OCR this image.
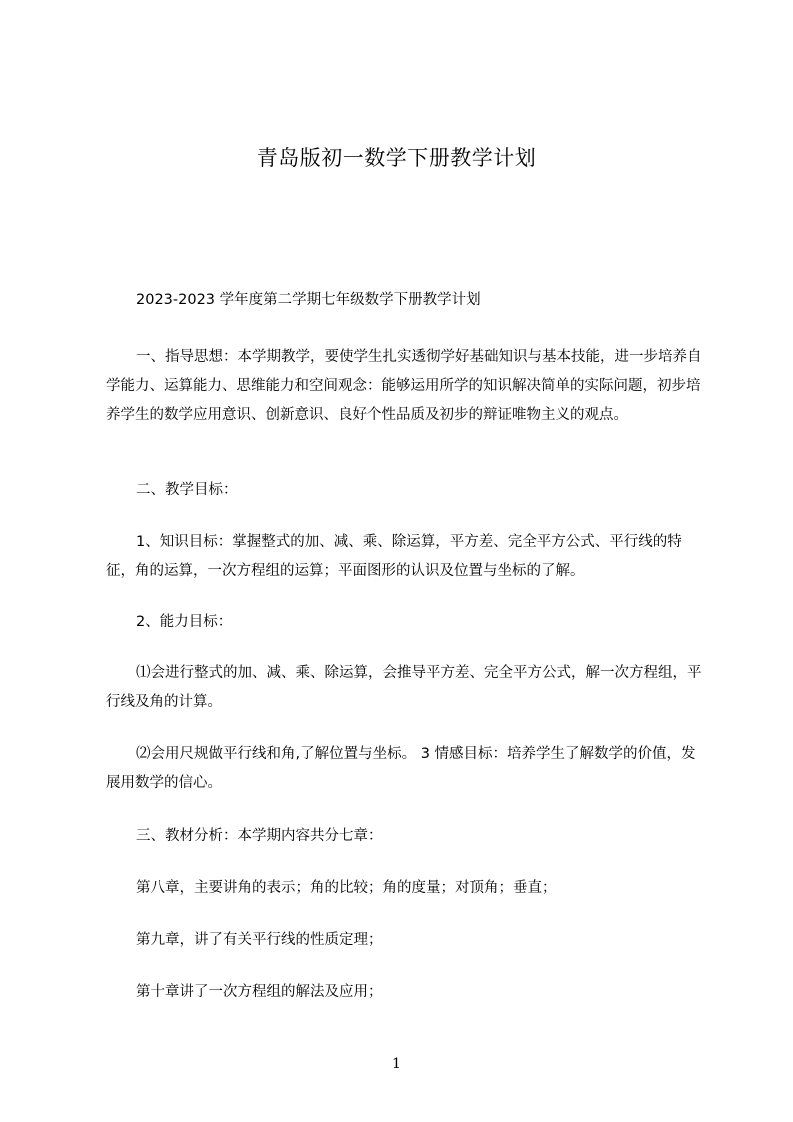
青岛版初一数学下册教学计划
2023-2023 学年度第二学期七年级数学下册教学计划
一、指导思想：本学期教学，要使学生扎实透彻学好基础知识与基本技能，进一步培养自学能力、运算能力、思维能力和空间观念：能够运用所学的知识解决简单的实际问题，初步培养学生的数学应用意识、创新意识、良好个性品质及初步的辩证唯物主义的观点。
二、教学目标：
1、知识目标：掌握整式的加、减、乘、除运算，平方差、完全平方公式、平行线的特征，角的运算，一次方程组的运算；平面图形的认识及位置与坐标的了解。
2、能力目标：
⑴会进行整式的加、减、乘、除运算，会推导平方差、完全平方公式，解一次方程组，平行线及角的计算。
⑵会用尺规做平行线和角,了解位置与坐标。 3 情感目标：培养学生了解数学的价值，发展用数学的信心。
三、教材分析：本学期内容共分七章：
第八章，主要讲角的表示；角的比较；角的度量；对顶角；垂直；
第九章，讲了有关平行线的性质定理；
第十章讲了一次方程组的解法及应用；
1
